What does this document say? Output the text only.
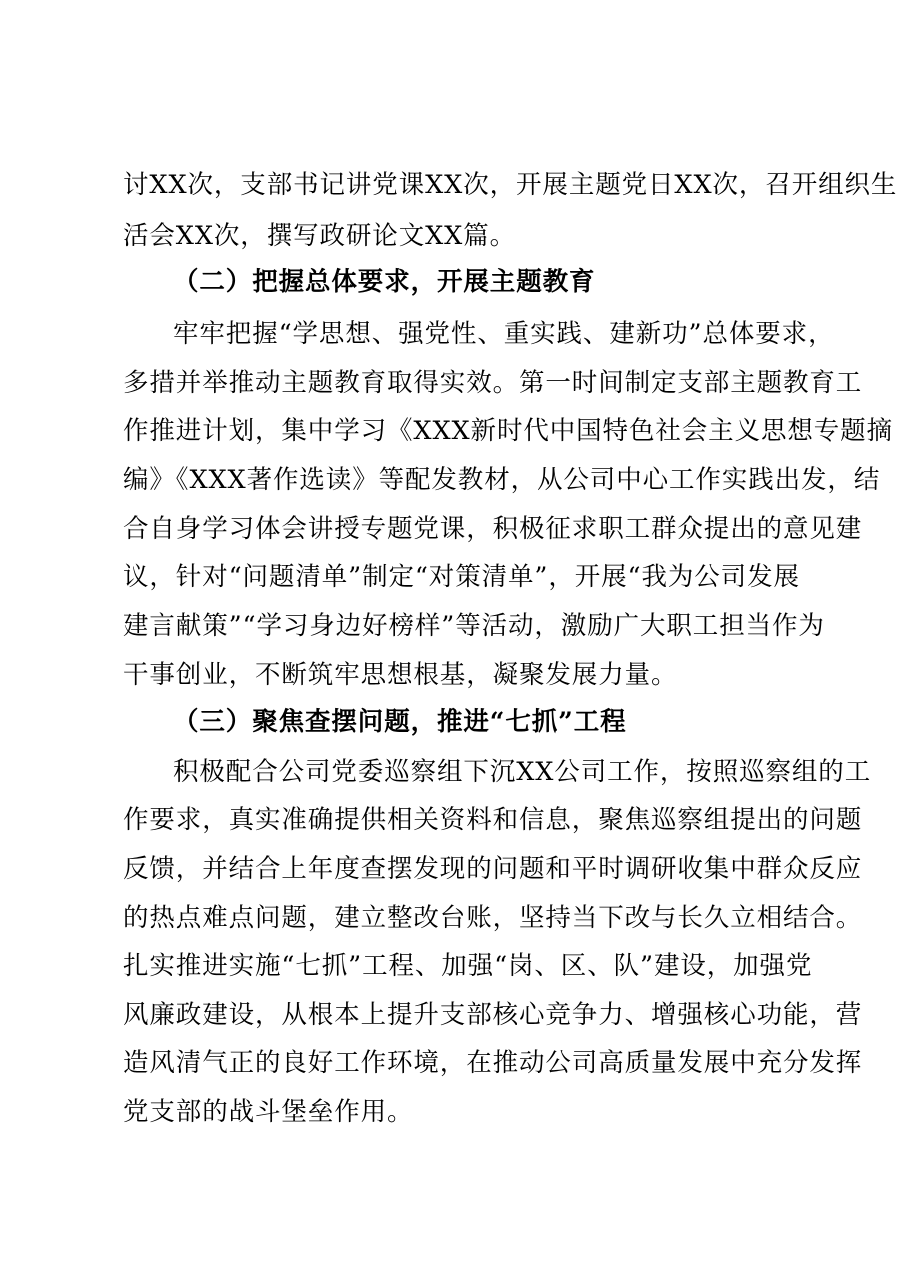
讨XX次，支部书记讲党课XX次，开展主题党日XX次，召开组织生
活会XX次，撰写政研论文XX篇。
（二）把握总体要求，开展主题教育
牢牢把握“学思想、强党性、重实践、建新功”总体要求，
多措并举推动主题教育取得实效。第一时间制定支部主题教育工
作推进计划，集中学习《XXX新时代中国特色社会主义思想专题摘
编》《XXX著作选读》等配发教材，从公司中心工作实践出发，结
合自身学习体会讲授专题党课，积极征求职工群众提出的意见建
议，针对“问题清单”制定“对策清单”，开展“我为公司发展
建言献策”“学习身边好榜样”等活动，激励广大职工担当作为
干事创业，不断筑牢思想根基，凝聚发展力量。
（三）聚焦查摆问题，推进“七抓”工程
积极配合公司党委巡察组下沉XX公司工作，按照巡察组的工
作要求，真实准确提供相关资料和信息，聚焦巡察组提出的问题
反馈，并结合上年度查摆发现的问题和平时调研收集中群众反应
的热点难点问题，建立整改台账，坚持当下改与长久立相结合。
扎实推进实施“七抓”工程、加强“岗、区、队”建设，加强党
风廉政建设，从根本上提升支部核心竞争力、增强核心功能，营
造风清气正的良好工作环境，在推动公司高质量发展中充分发挥
党支部的战斗堡垒作用。
